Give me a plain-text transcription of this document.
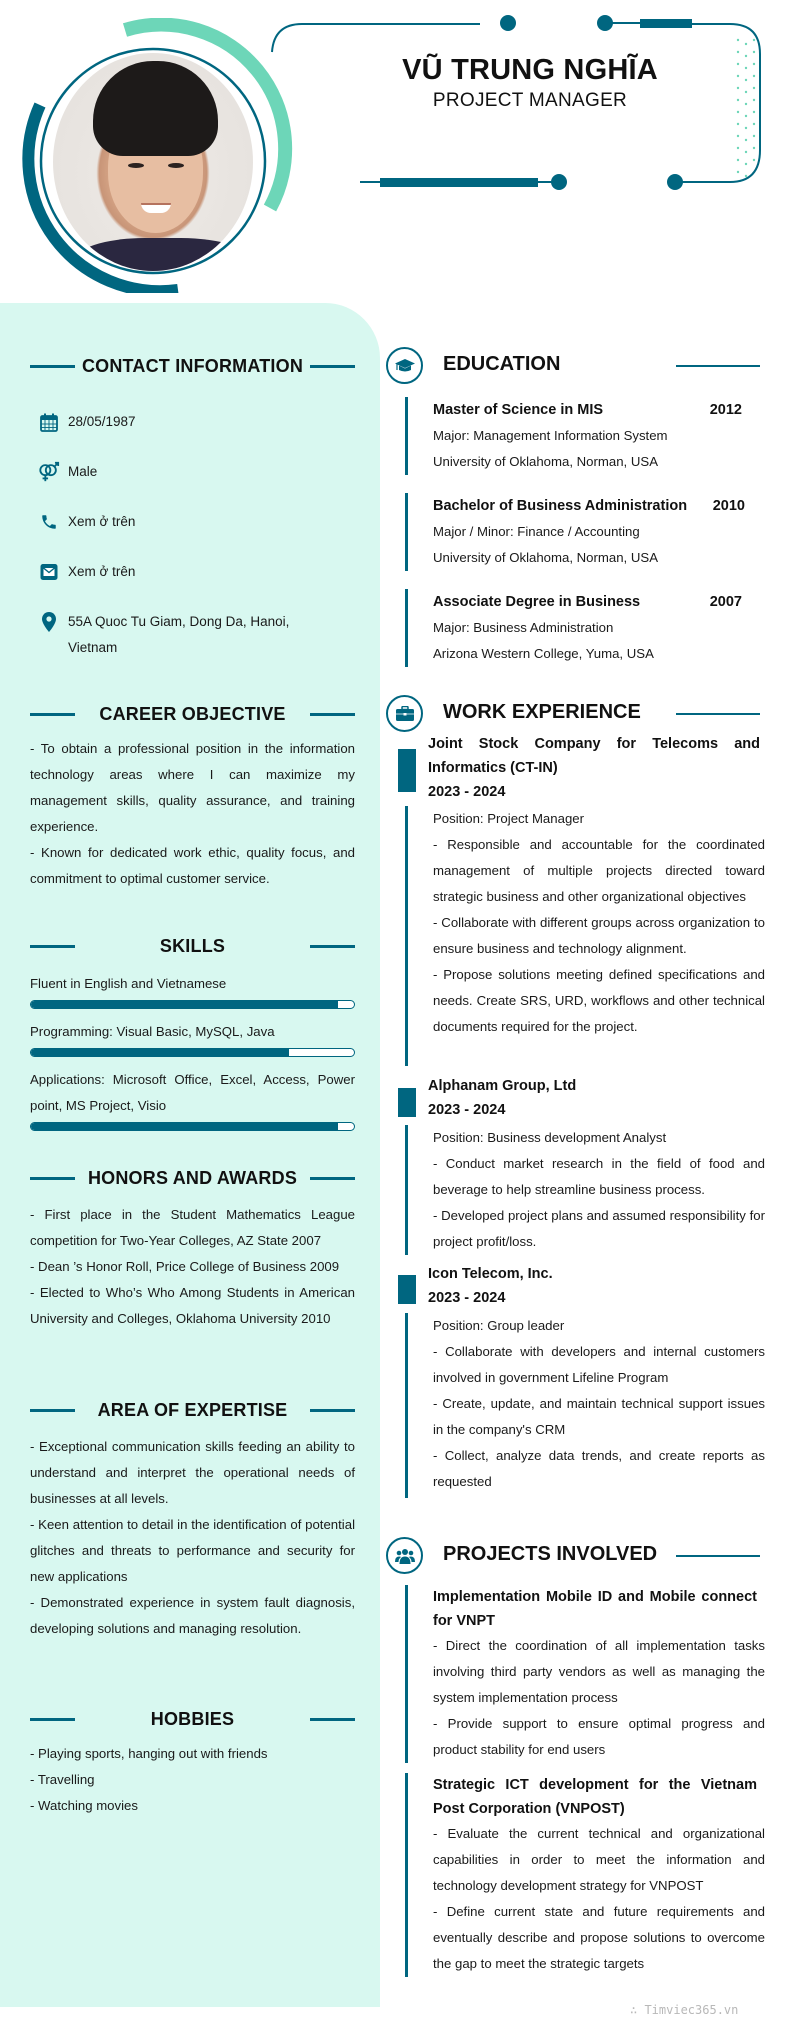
VŨ TRUNG NGHĨA
PROJECT MANAGER
CONTACT INFORMATION
28/05/1987
Male
Xem ở trên
Xem ở trên
55A Quoc Tu Giam, Dong Da, Hanoi, Vietnam
CAREER OBJECTIVE

- To obtain a professional position in the information technology areas where I can maximize my management skills, quality assurance, and training experience.

- Known for dedicated work ethic, quality focus, and commitment to optimal customer service.

SKILLS
Fluent in English and Vietnamese
Programming: Visual Basic, MySQL, Java
Applications: Microsoft Office, Excel, Access, Power point, MS Project, Visio
HONORS AND AWARDS

- First place in the Student Mathematics League competition for Two-Year Colleges, AZ State 2007

- Dean ’s Honor Roll, Price College of Business 2009

- Elected to Who’s Who Among Students in American University and Colleges, Oklahoma University 2010

AREA OF EXPERTISE

- Exceptional communication skills feeding an ability to understand and interpret the operational needs of businesses at all levels.

- Keen attention to detail in the identification of potential glitches and threats to performance and security for new applications

- Demonstrated experience in system fault diagnosis, developing solutions and managing resolution.

HOBBIES

- Playing sports, hanging out with friends

- Travelling

- Watching movies

EDUCATION
Master of Science in MIS	2012
Major: Management Information System
University of Oklahoma, Norman, USA
Bachelor of Business Administration 2010
Major / Minor: Finance / Accounting
University of Oklahoma, Norman, USA
Associate Degree in Business	2007
Major: Business Administration
Arizona Western College, Yuma, USA
WORK EXPERIENCE
Joint Stock Company for Telecoms and Informatics (CT-IN)
2023 - 2024

Position: Project Manager

- Responsible and accountable for the coordinated management of multiple projects directed toward strategic business and other organizational objectives

- Collaborate with different groups across organization to ensure business and technology alignment.

- Propose solutions meeting defined specifications and needs. Create SRS, URD, workflows and other technical documents required for the project.

Alphanam Group, Ltd
2023 - 2024

Position: Business development Analyst

- Conduct market research in the field of food and beverage to help streamline business process.

- Developed project plans and assumed responsibility for project profit/loss.

Icon Telecom, Inc.
2023 - 2024

Position: Group leader

- Collaborate with developers and internal customers involved in government Lifeline Program

- Create, update, and maintain technical support issues in the company's CRM

- Collect, analyze data trends, and create reports as requested

PROJECTS INVOLVED
Implementation Mobile ID and Mobile connect for VNPT

- Direct the coordination of all implementation tasks involving third party vendors as well as managing the system implementation process

- Provide support to ensure optimal progress and product stability for end users

Strategic ICT development for the Vietnam Post Corporation (VNPOST)

- Evaluate the current technical and organizational capabilities in order to meet the information and technology development strategy for VNPOST

- Define current state and future requirements and eventually describe and propose solutions to overcome the gap to meet the strategic targets

∴ Timviec365.vn
